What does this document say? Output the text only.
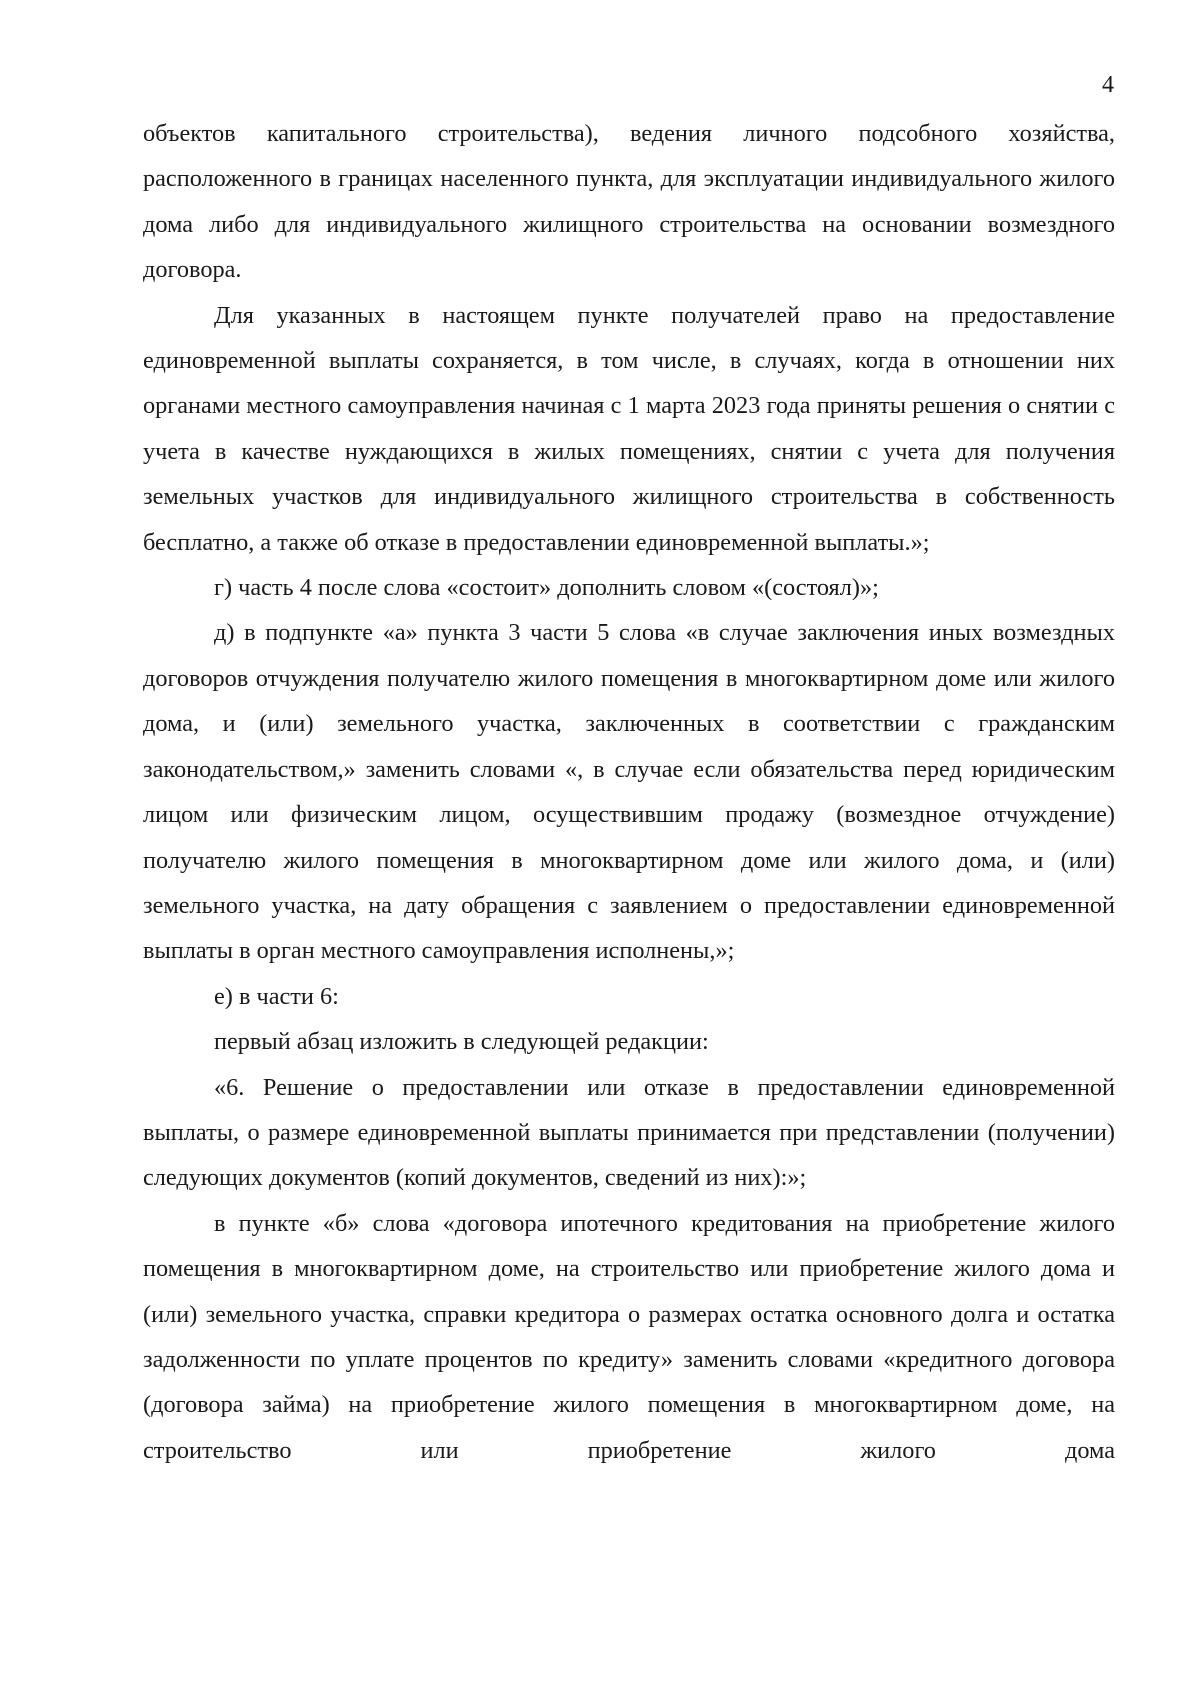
4

объектов капитального строительства), ведения личного подсобного хозяйства, расположенного в границах населенного пункта, для эксплуатации индивидуального жилого дома либо для индивидуального жилищного строительства на основании возмездного договора.

Для указанных в настоящем пункте получателей право на предоставление единовременной выплаты сохраняется, в том числе, в случаях, когда в отношении них органами местного самоуправления начиная с 1 марта 2023 года приняты решения о снятии с учета в качестве нуждающихся в жилых помещениях, снятии с учета для получения земельных участков для индивидуального жилищного строительства в собственность бесплатно, а также об отказе в предоставлении единовременной выплаты.»;

г) часть 4 после слова «состоит» дополнить словом «(состоял)»;

д) в подпункте «а» пункта 3 части 5 слова «в случае заключения иных возмездных договоров отчуждения получателю жилого помещения в многоквартирном доме или жилого дома, и (или) земельного участка, заключенных в соответствии с гражданским законодательством,» заменить словами «, в случае если обязательства перед юридическим лицом или физическим лицом, осуществившим продажу (возмездное отчуждение) получателю жилого помещения в многоквартирном доме или жилого дома, и (или) земельного участка, на дату обращения с заявлением о предоставлении единовременной выплаты в орган местного самоуправления исполнены,»;

е) в части 6:

первый абзац изложить в следующей редакции:

«6. Решение о предоставлении или отказе в предоставлении единовременной выплаты, о размере единовременной выплаты принимается при представлении (получении) следующих документов (копий документов, сведений из них):»;

в пункте «б» слова «договора ипотечного кредитования на приобретение жилого помещения в многоквартирном доме, на строительство или приобретение жилого дома и (или) земельного участка, справки кредитора о размерах остатка основного долга и остатка задолженности по уплате процентов по кредиту» заменить словами «кредитного договора (договора займа) на приобретение жилого помещения в многоквартирном доме, на строительство или приобретение жилого дома
